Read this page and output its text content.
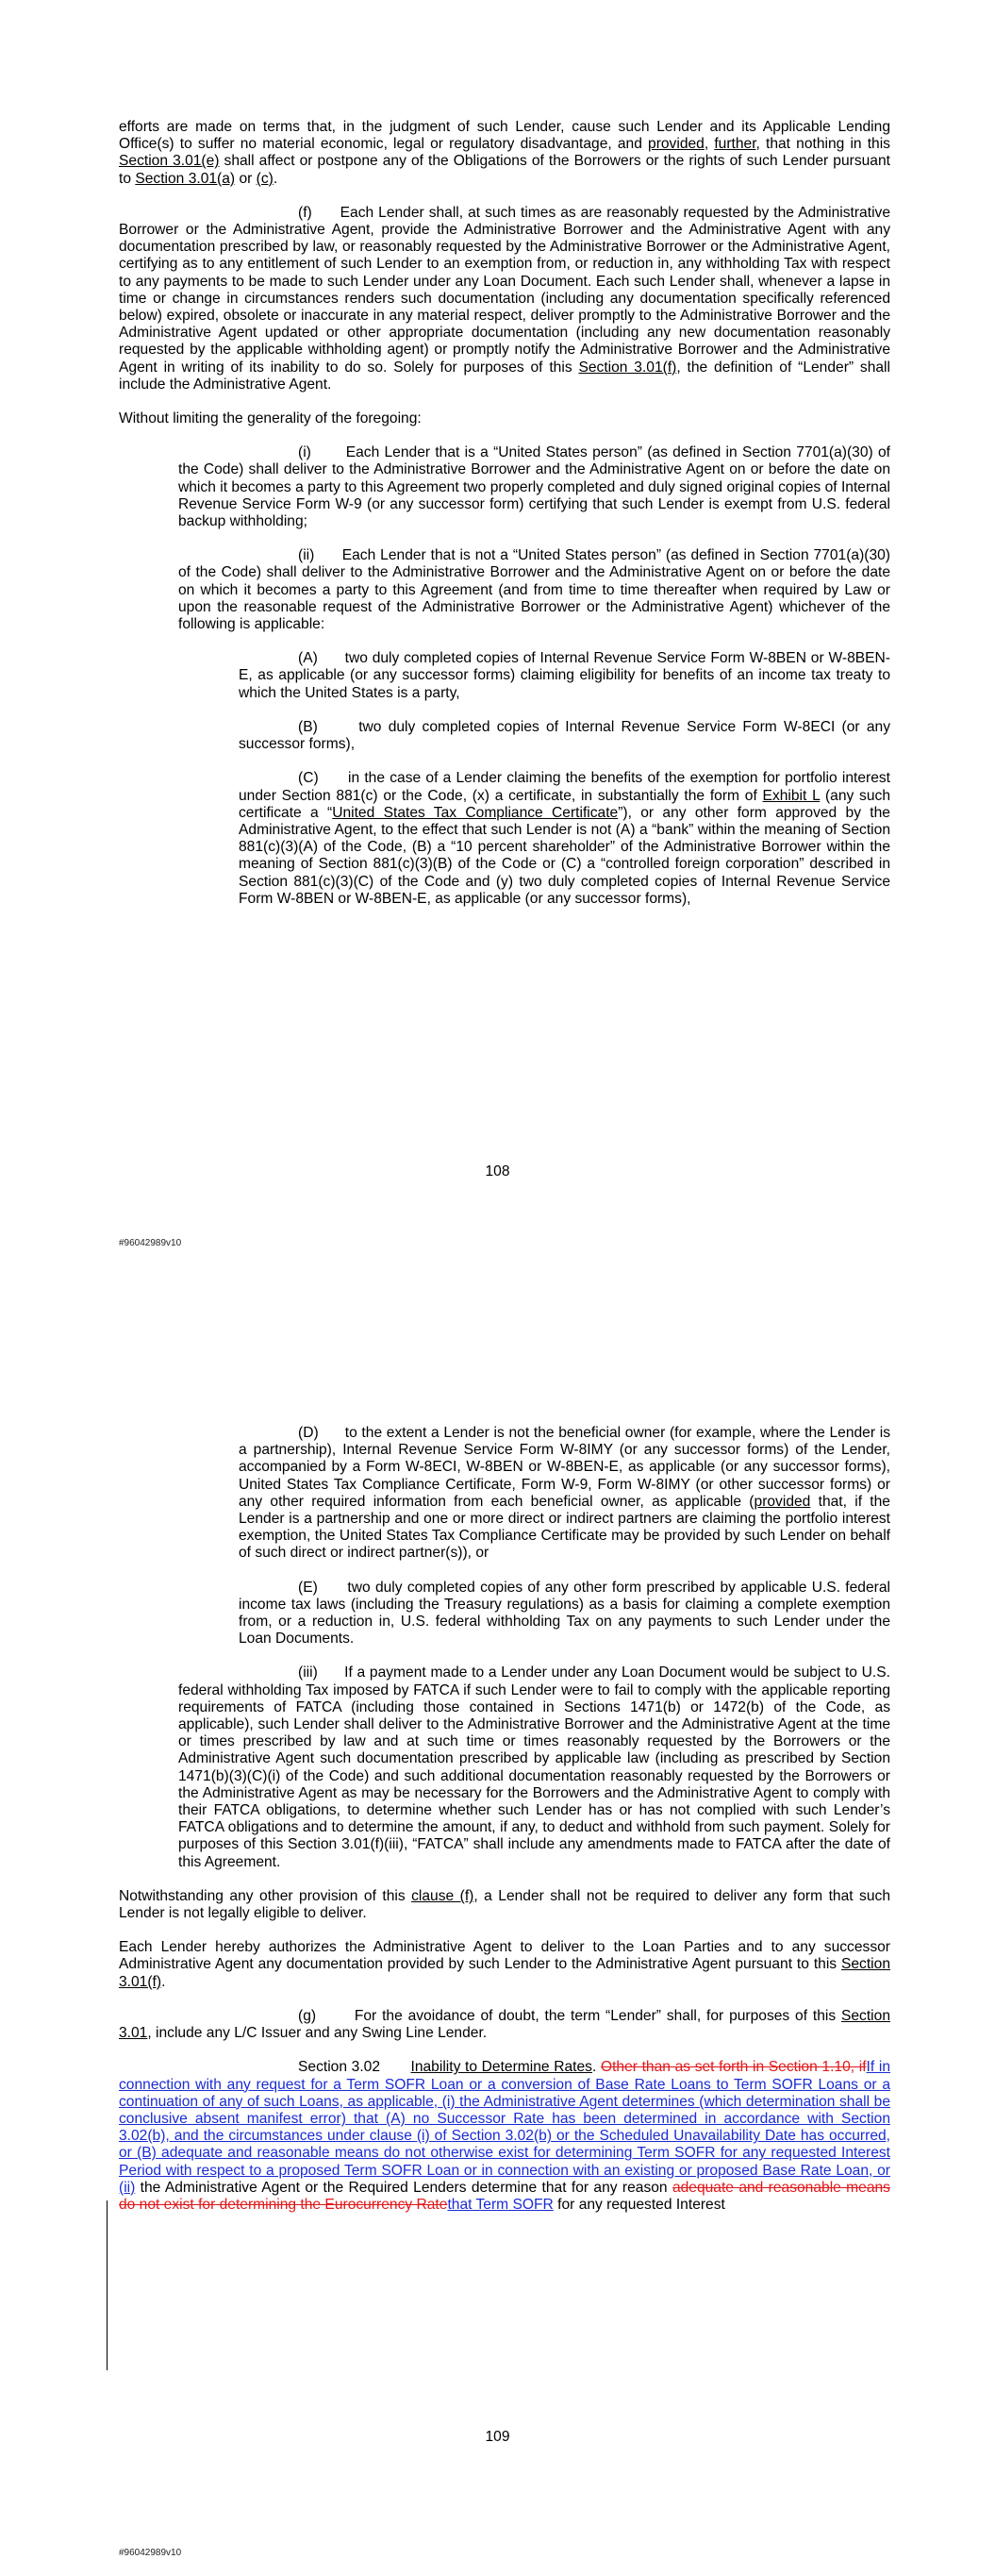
efforts are made on terms that, in the judgment of such Lender, cause such Lender and its Applicable Lending Office(s) to suffer no material economic, legal or regulatory disadvantage, and provided, further, that nothing in this Section 3.01(e) shall affect or postpone any of the Obligations of the Borrowers or the rights of such Lender pursuant to Section 3.01(a) or (c).

(f)      Each Lender shall, at such times as are reasonably requested by the Administrative Borrower or the Administrative Agent, provide the Administrative Borrower and the Administrative Agent with any documentation prescribed by law, or reasonably requested by the Administrative Borrower or the Administrative Agent, certifying as to any entitlement of such Lender to an exemption from, or reduction in, any withholding Tax with respect to any payments to be made to such Lender under any Loan Document. Each such Lender shall, whenever a lapse in time or change in circumstances renders such documentation (including any documentation specifically referenced below) expired, obsolete or inaccurate in any material respect, deliver promptly to the Administrative Borrower and the Administrative Agent updated or other appropriate documentation (including any new documentation reasonably requested by the applicable withholding agent) or promptly notify the Administrative Borrower and the Administrative Agent in writing of its inability to do so. Solely for purposes of this Section 3.01(f), the definition of “Lender” shall include the Administrative Agent.

Without limiting the generality of the foregoing:

(i)       Each Lender that is a “United States person” (as defined in Section 7701(a)(30) of the Code) shall deliver to the Administrative Borrower and the Administrative Agent on or before the date on which it becomes a party to this Agreement two properly completed and duly signed original copies of Internal Revenue Service Form W-9 (or any successor form) certifying that such Lender is exempt from U.S. federal backup withholding;

(ii)      Each Lender that is not a “United States person” (as defined in Section 7701(a)(30) of the Code) shall deliver to the Administrative Borrower and the Administrative Agent on or before the date on which it becomes a party to this Agreement (and from time to time thereafter when required by Law or upon the reasonable request of the Administrative Borrower or the Administrative Agent) whichever of the following is applicable:

(A)      two duly completed copies of Internal Revenue Service Form W-8BEN or W-8BEN-E, as applicable (or any successor forms) claiming eligibility for benefits of an income tax treaty to which the United States is a party,

(B)      two duly completed copies of Internal Revenue Service Form W-8ECI (or any successor forms),

(C)      in the case of a Lender claiming the benefits of the exemption for portfolio interest under Section 881(c) or the Code, (x) a certificate, in substantially the form of Exhibit L (any such certificate a “United States Tax Compliance Certificate”), or any other form approved by the Administrative Agent, to the effect that such Lender is not (A) a “bank” within the meaning of Section 881(c)(3)(A) of the Code, (B) a “10 percent shareholder” of the Administrative Borrower within the meaning of Section 881(c)(3)(B) of the Code or (C) a “controlled foreign corporation” described in Section 881(c)(3)(C) of the Code and (y) two duly completed copies of Internal Revenue Service Form W-8BEN or W-8BEN-E, as applicable (or any successor forms),

108
#96042989v10

(D)      to the extent a Lender is not the beneficial owner (for example, where the Lender is a partnership), Internal Revenue Service Form W-8IMY (or any successor forms) of the Lender, accompanied by a Form W-8ECI, W-8BEN or W-8BEN-E, as applicable (or any successor forms), United States Tax Compliance Certificate, Form W-9, Form W-8IMY (or other successor forms) or any other required information from each beneficial owner, as applicable (provided that, if the Lender is a partnership and one or more direct or indirect partners are claiming the portfolio interest exemption, the United States Tax Compliance Certificate may be provided by such Lender on behalf of such direct or indirect partner(s)), or

(E)      two duly completed copies of any other form prescribed by applicable U.S. federal income tax laws (including the Treasury regulations) as a basis for claiming a complete exemption from, or a reduction in, U.S. federal withholding Tax on any payments to such Lender under the Loan Documents.

(iii)      If a payment made to a Lender under any Loan Document would be subject to U.S. federal withholding Tax imposed by FATCA if such Lender were to fail to comply with the applicable reporting requirements of FATCA (including those contained in Sections 1471(b) or 1472(b) of the Code, as applicable), such Lender shall deliver to the Administrative Borrower and the Administrative Agent at the time or times prescribed by law and at such time or times reasonably requested by the Borrowers or the Administrative Agent such documentation prescribed by applicable law (including as prescribed by Section 1471(b)(3)(C)(i) of the Code) and such additional documentation reasonably requested by the Borrowers or the Administrative Agent as may be necessary for the Borrowers and the Administrative Agent to comply with their FATCA obligations, to determine whether such Lender has or has not complied with such Lender’s FATCA obligations and to determine the amount, if any, to deduct and withhold from such payment. Solely for purposes of this Section 3.01(f)(iii), “FATCA” shall include any amendments made to FATCA after the date of this Agreement.

Notwithstanding any other provision of this clause (f), a Lender shall not be required to deliver any form that such Lender is not legally eligible to deliver.

Each Lender hereby authorizes the Administrative Agent to deliver to the Loan Parties and to any successor Administrative Agent any documentation provided by such Lender to the Administrative Agent pursuant to this Section 3.01(f).

(g)       For the avoidance of doubt, the term “Lender” shall, for purposes of this Section 3.01, include any L/C Issuer and any Swing Line Lender.

Section 3.02       Inability to Determine Rates. Other than as set forth in Section 1.10, ifIf in connection with any request for a Term SOFR Loan or a conversion of Base Rate Loans to Term SOFR Loans or a continuation of any of such Loans, as applicable, (i) the Administrative Agent determines (which determination shall be conclusive absent manifest error) that (A) no Successor Rate has been determined in accordance with Section 3.02(b), and the circumstances under clause (i) of Section 3.02(b) or the Scheduled Unavailability Date has occurred, or (B) adequate and reasonable means do not otherwise exist for determining Term SOFR for any requested Interest Period with respect to a proposed Term SOFR Loan or in connection with an existing or proposed Base Rate Loan, or (ii) the Administrative Agent or the Required Lenders determine that for any reason adequate and reasonable means do not exist for determining the Eurocurrency Ratethat Term SOFR for any requested Interest

109
#96042989v10
